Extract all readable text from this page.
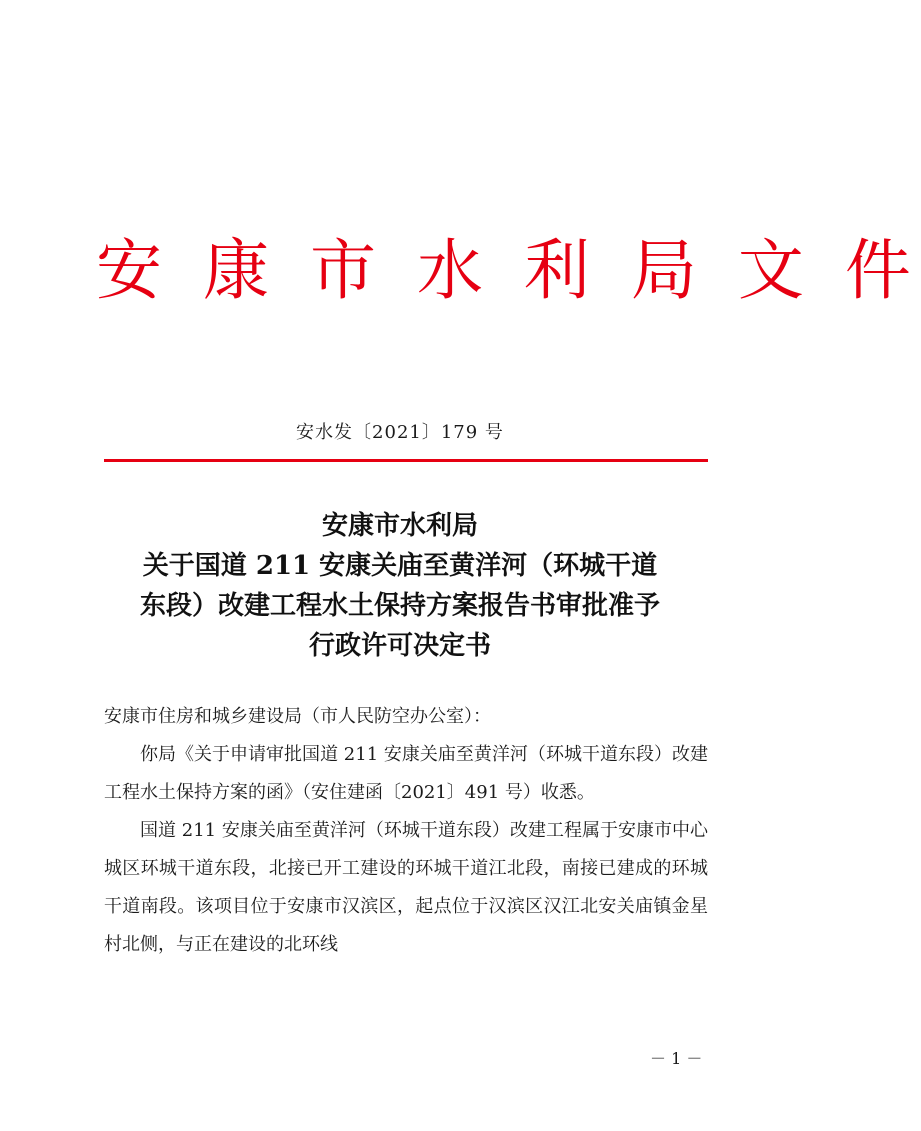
安 康 市 水 利 局 文 件
安水发〔2021〕179 号
安康市水利局
关于国道 211 安康关庙至黄洋河（环城干道
东段）改建工程水土保持方案报告书审批准予
行政许可决定书

安康市住房和城乡建设局（市人民防空办公室）：

你局《关于申请审批国道 211 安康关庙至黄洋河（环城干道东段）改建工程水土保持方案的函》（安住建函〔2021〕491 号）收悉。

国道 211 安康关庙至黄洋河（环城干道东段）改建工程属于安康市中心城区环城干道东段，北接已开工建设的环城干道江北段，南接已建成的环城干道南段。该项目位于安康市汉滨区，起点位于汉滨区汉江北安关庙镇金星村北侧，与正在建设的北环线

－ 1 －
